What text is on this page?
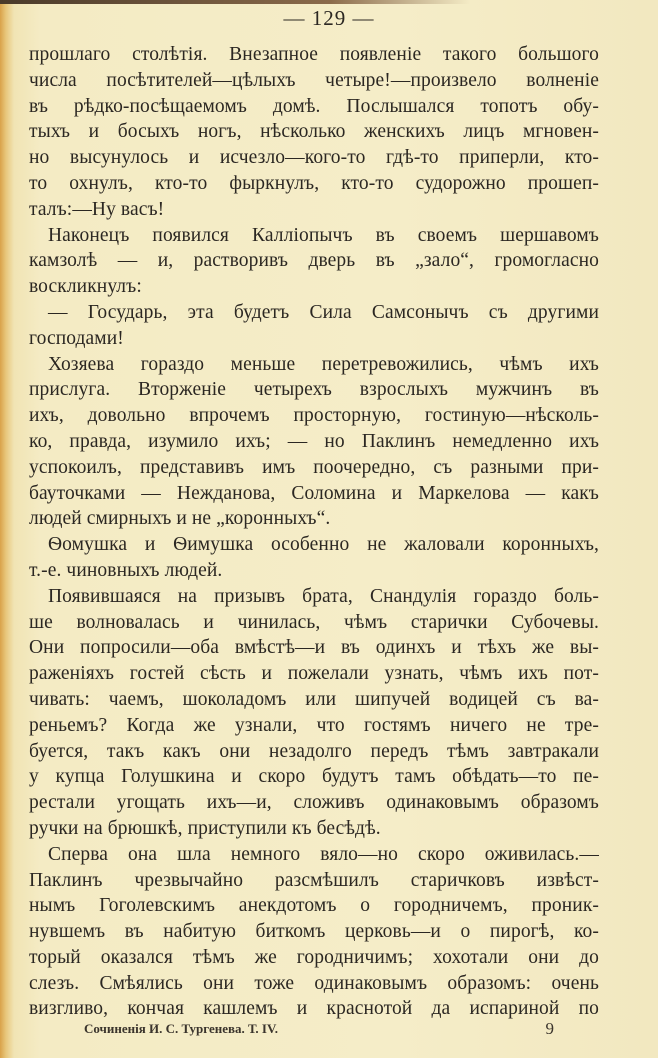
— 129 —
прошлаго столѣтія. Внезапное появленіе такого большого
числа посѣтителей—цѣлыхъ четыре!—произвело волненіе
въ рѣдко-посѣщаемомъ домѣ. Послышался топотъ обу-
тыхъ и босыхъ ногъ, нѣсколько женскихъ лицъ мгновен-
но высунулось и исчезло—кого-то гдѣ-то приперли, кто-
то охнулъ, кто-то фыркнулъ, кто-то судорожно прошеп-
талъ:—Ну васъ!
Наконецъ появился Калліопычъ въ своемъ шершавомъ
камзолѣ — и, растворивъ дверь въ „зало“, громогласно
воскликнулъ:
— Государь, эта будетъ Сила Самсонычъ съ другими
господами!
Хозяева гораздо меньше перетревожились, чѣмъ ихъ
прислуга. Вторженіе четырехъ взрослыхъ мужчинъ въ
ихъ, довольно впрочемъ просторную, гостиную—нѣсколь-
ко, правда, изумило ихъ; — но Паклинъ немедленно ихъ
успокоилъ, представивъ имъ поочередно, съ разными при-
бауточками — Нежданова, Соломина и Маркелова — какъ
людей смирныхъ и не „коронныхъ“.
Ѳомушка и Ѳимушка особенно не жаловали коронныхъ,
т.-е. чиновныхъ людей.
Появившаяся на призывъ брата, Снандулія гораздо боль-
ше волновалась и чинилась, чѣмъ старички Субочевы.
Они попросили—оба вмѣстѣ—и въ одинхъ и тѣхъ же вы-
раженіяхъ гостей сѣсть и пожелали узнать, чѣмъ ихъ пот-
чивать: чаемъ, шоколадомъ или шипучей водицей съ ва-
реньемъ? Когда же узнали, что гостямъ ничего не тре-
буется, такъ какъ они незадолго передъ тѣмъ завтракали
у купца Голушкина и скоро будутъ тамъ обѣдать—то пе-
рестали угощать ихъ—и, сложивъ одинаковымъ образомъ
ручки на брюшкѣ, приступили къ бесѣдѣ.
Сперва она шла немного вяло—но скоро оживилась.—
Паклинъ чрезвычайно разсмѣшилъ старичковъ извѣст-
нымъ Гоголевскимъ анекдотомъ о городничемъ, проник-
нувшемъ въ набитую биткомъ церковь—и о пирогѣ, ко-
торый оказался тѣмъ же городничимъ; хохотали они до
слезъ. Смѣялись они тоже одинаковымъ образомъ: очень
визгливо, кончая кашлемъ и краснотой да испариной по
Сочиненія И. С. Тургенева. Т. IV.	9
